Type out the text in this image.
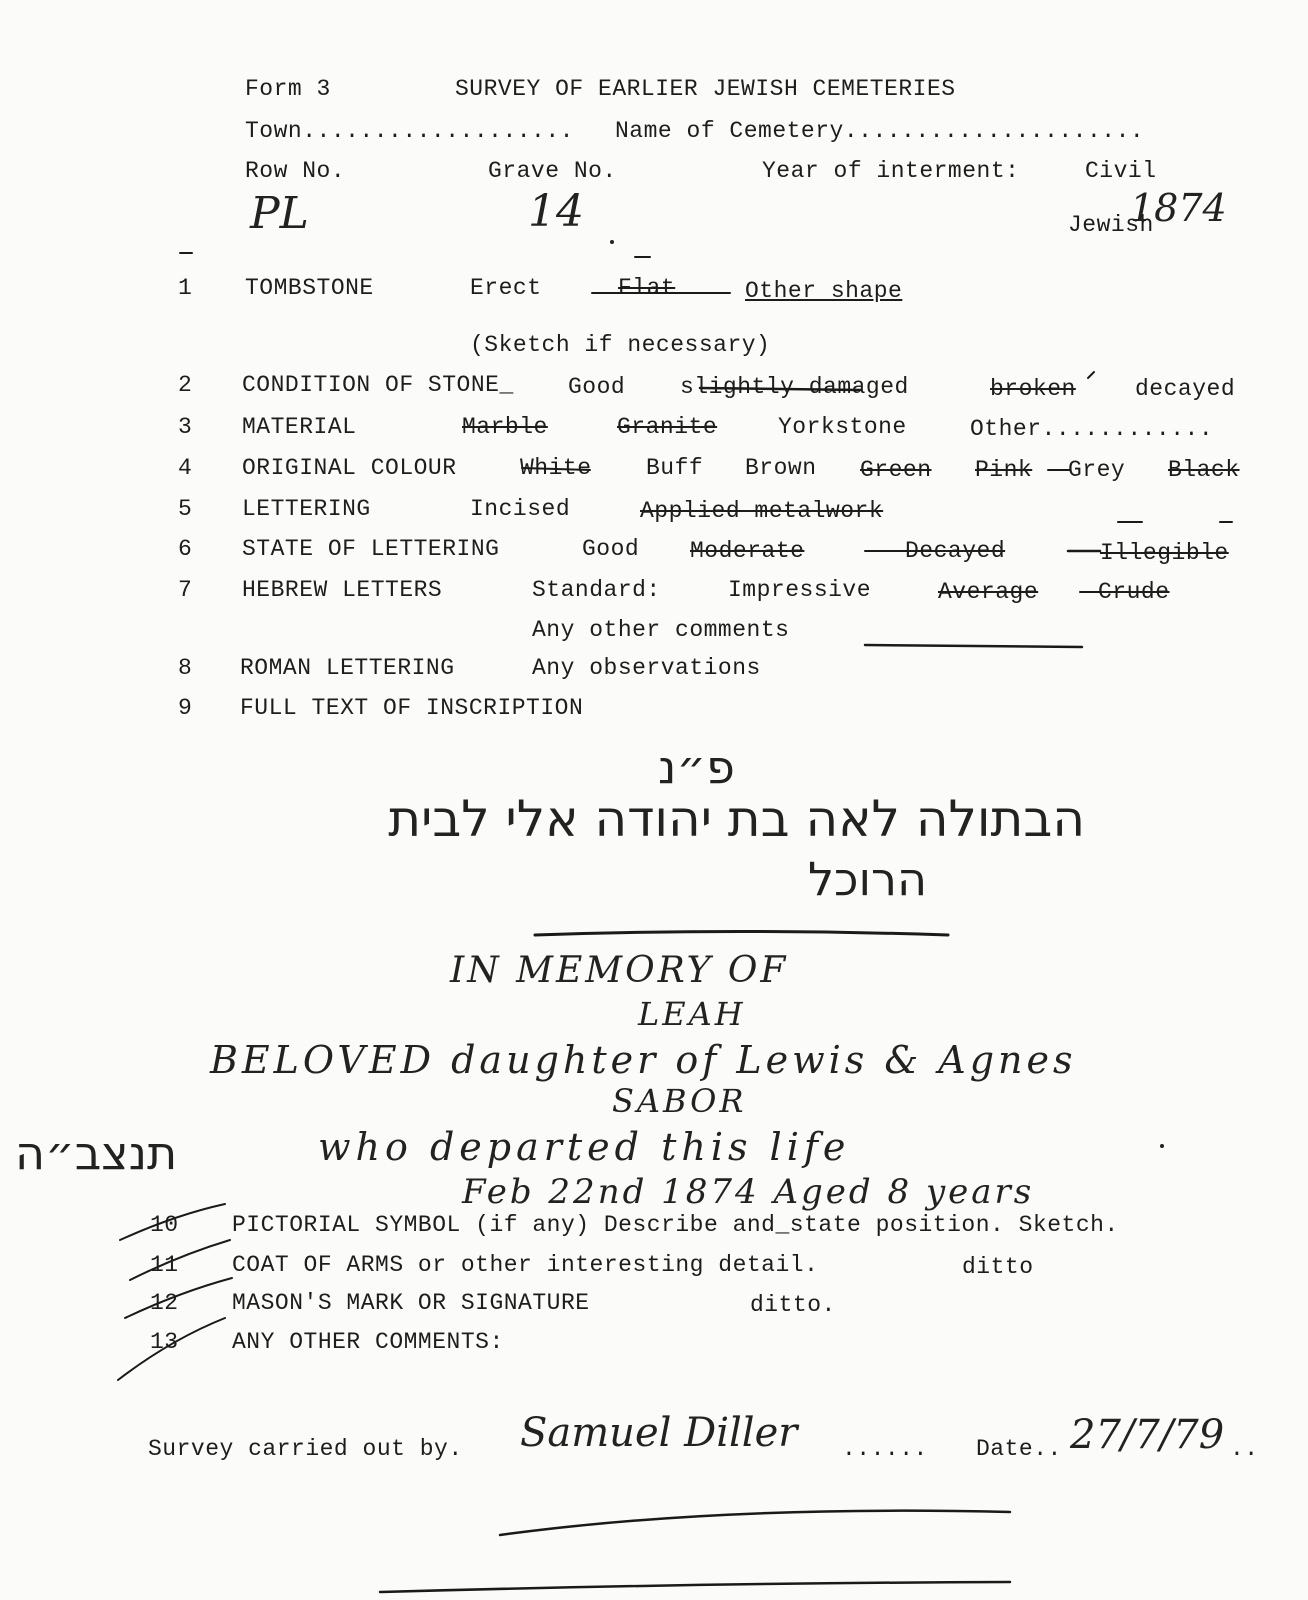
Form 3	SURVEY OF EARLIER JEWISH CEMETERIES
Town................... Name of Cemetery.....................
Row No.	Grave No.	Year of interment:	Civil
Jewish
PL	14	1874
1 TOMBSTONE	Erect	Flat	Other shape
(Sketch if necessary)
2 CONDITION OF STONE_ Good slightly damaged	broken	decayed
3 MATERIAL	Marble	Granite	Yorkstone	Other............
4 ORIGINAL COLOUR	White Buff Brown Green Pink Grey Black
5 LETTERING	Incised	Applied metalwork
6 STATE OF LETTERING	Good Moderate	Decayed	Illegible
7 HEBREW LETTERS	Standard:	Impressive	Average	Crude
Any other comments
8 ROMAN LETTERING	Any observations
9 FULL TEXT OF INSCRIPTION
פ״נ
הבתולה לאה בת יהודה אלי לבית
הרוכל
IN MEMORY OF
LEAH
BELOVED daughter of Lewis & Agnes
SABOR
תנצב״ה	who departed this life
Feb 22nd 1874 Aged 8 years
10 PICTORIAL SYMBOL (if any) Describe and_state position. Sketch.
11 COAT OF ARMS or other interesting detail.	ditto
12 MASON'S MARK OR SIGNATURE	ditto.
13 ANY OTHER COMMENTS:
Survey carried out by. Samuel Diller ...... Date.. 27/7/79 ..
